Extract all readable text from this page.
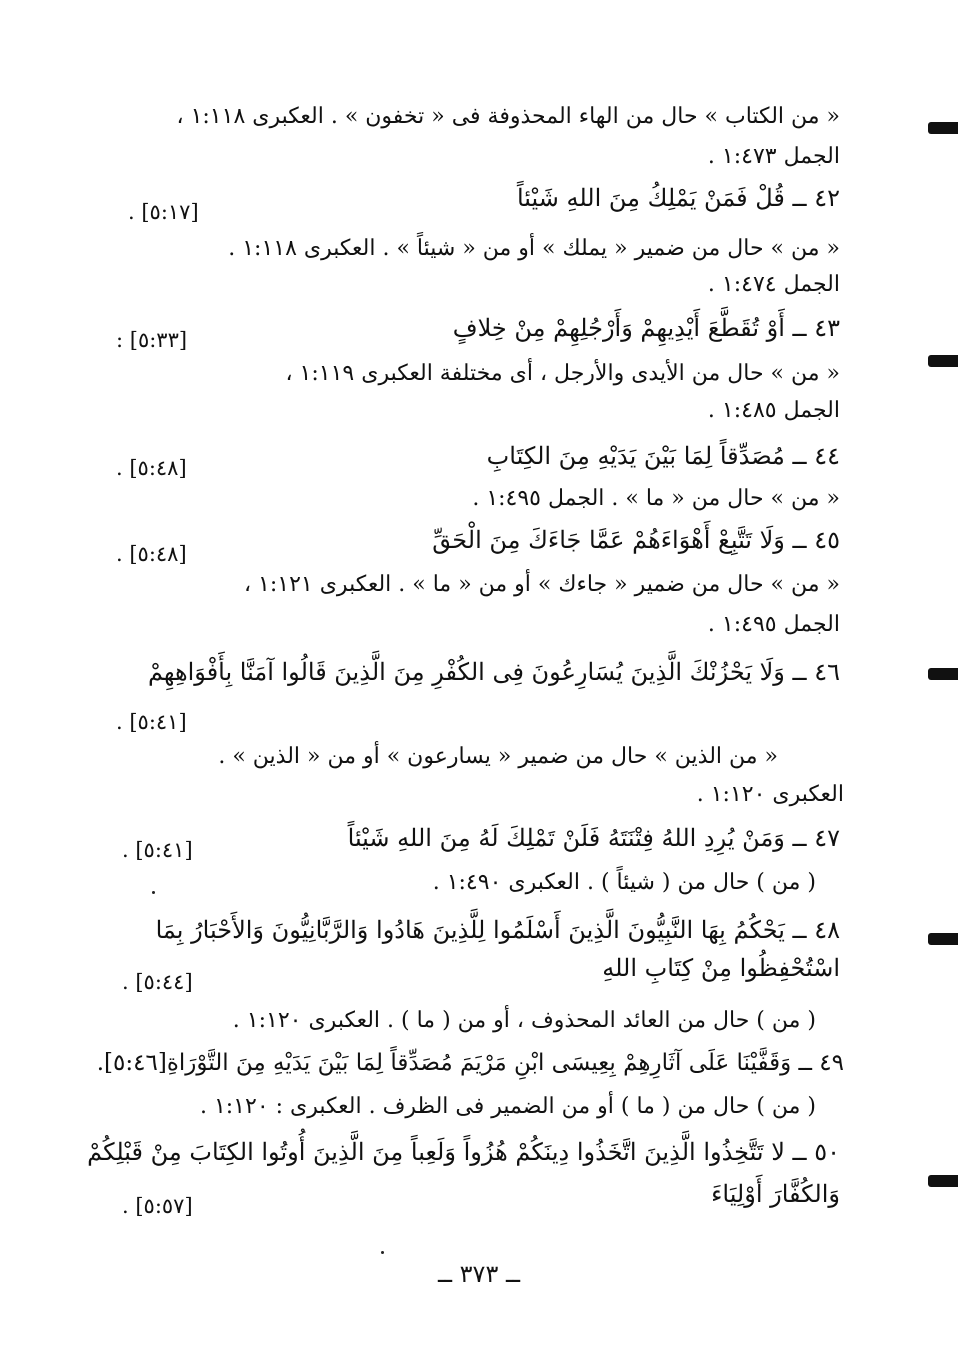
« من الكتاب » حال من الهاء المحذوفة فى « تخفون » . العكبرى ١:١١٨ ،
الجمل ١:٤٧٣ .
٤٢ ــ قُلْ فَمَنْ يَمْلِكُ مِنَ اللهِ شَيْئاً
[٥:١٧] .
« من » حال من ضمير « يملك » أو من « شيئاً » . العكبرى ١:١١٨ .
الجمل ١:٤٧٤ .
٤٣ ــ أَوْ تُقَطَّعَ أَيْدِيهِمْ وَأَرْجُلِهِمْ مِنْ خِلافٍ
[٥:٣٣] :
« من » حال من الأيدى والأرجل ، أى مختلفة العكبرى ١:١١٩ ،
الجمل ١:٤٨٥ .
٤٤ ــ مُصَدِّقاً لِمَا بَيْنَ يَدَيْهِ مِنَ الكِتَابِ
[٥:٤٨] .
« من » حال من « ما » . الجمل ١:٤٩٥ .
٤٥ ــ وَلَا تَتَّبِعْ أَهْوَاءَهُمْ عَمَّا جَاءَكَ مِنَ الْحَقِّ
[٥:٤٨] .
« من » حال من ضمير « جاءك » أو من « ما » . العكبرى ١:١٢١ ،
الجمل ١:٤٩٥ .
٤٦ ــ وَلَا يَحْزُنْكَ الَّذِينَ يُسَارِعُونَ فِى الكُفْرِ مِنَ الَّذِينَ قَالُوا آمَنَّا بِأَفْوَاهِهِمْ
[٥:٤١] .
« من الذين » حال من ضمير « يسارعون » أو من « الذين » .
العكبرى ١:١٢٠ .
٤٧ ــ وَمَنْ يُرِدِ اللهُ فِتْنَتَهُ فَلَنْ تَمْلِكَ لَهُ مِنَ اللهِ شَيْئاً
[٥:٤١] .
( من ) حال من ( شيئاً ) . العكبرى ١:٤٩٠ .
٤٨ ــ يَحْكُمُ بِهَا النَّبِيُّونَ الَّذِينَ أَسْلَمُوا لِلَّذِينَ هَادُوا وَالرَّبَّانِيُّونَ وَالأَحْبَارُ بِمَا
اسْتُحْفِظُوا مِنْ كِتَابِ اللهِ
[٥:٤٤] .
( من ) حال من العائد المحذوف ، أو من ( ما ) . العكبرى ١:١٢٠ .
٤٩ ــ وَقَفَّيْنَا عَلَى آثَارِهِمْ بِعِيسَى ابْنِ مَرْيَمَ مُصَدِّقاً لِمَا بَيْنَ يَدَيْهِ مِنَ التَّوْرَاةِ[٥:٤٦].
( من ) حال من ( ما ) أو من الضمير فى الظرف . العكبرى : ١:١٢٠ .
٥٠ ــ لا تَتَّخِذُوا الَّذِينَ اتَّخَذُوا دِينَكُمْ هُزُواً وَلَعِباً مِنَ الَّذِينَ أُوتُوا الكِتَابَ مِنْ قَبْلِكُمْ
وَالكُفَّارَ أَوْلِيَاءَ
[٥:٥٧] .
ــ ٣٧٣ ــ
